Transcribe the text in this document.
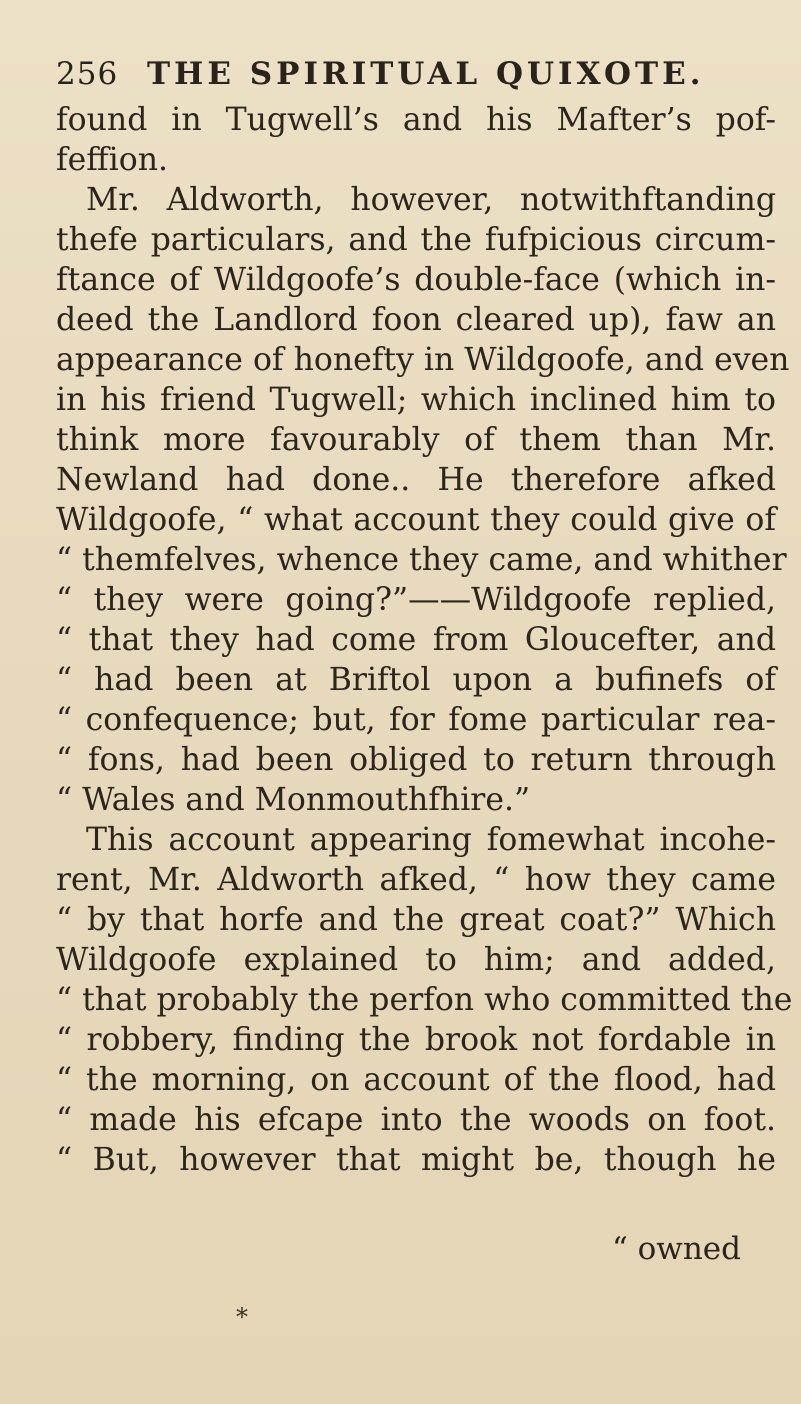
256 THE SPIRITUAL QUIXOTE.
found in Tugwell’s and his Mafter’s pof-
feffion.
Mr. Aldworth, however, notwithftanding
thefe particulars, and the fufpicious circum-
ftance of Wildgoofe’s double-face (which in-
deed the Landlord foon cleared up), faw an
appearance of honefty in Wildgoofe, and even
in his friend Tugwell; which inclined him to
think more favourably of them than Mr.
Newland had done.. He therefore afked
Wildgoofe, “ what account they could give of
“ themfelves, whence they came, and whither
“ they were going?”——Wildgoofe replied,
“ that they had come from Gloucefter, and
“ had been at Briftol upon a bufinefs of
“ confequence; but, for fome particular rea-
“ fons, had been obliged to return through
“ Wales and Monmouthfhire.”
This account appearing fomewhat incohe-
rent, Mr. Aldworth afked, “ how they came
“ by that horfe and the great coat?” Which
Wildgoofe explained to him; and added,
“ that probably the perfon who committed the
“ robbery, finding the brook not fordable in
“ the morning, on account of the flood, had
“ made his efcape into the woods on foot.
“ But, however that might be, though he
“ owned
*
